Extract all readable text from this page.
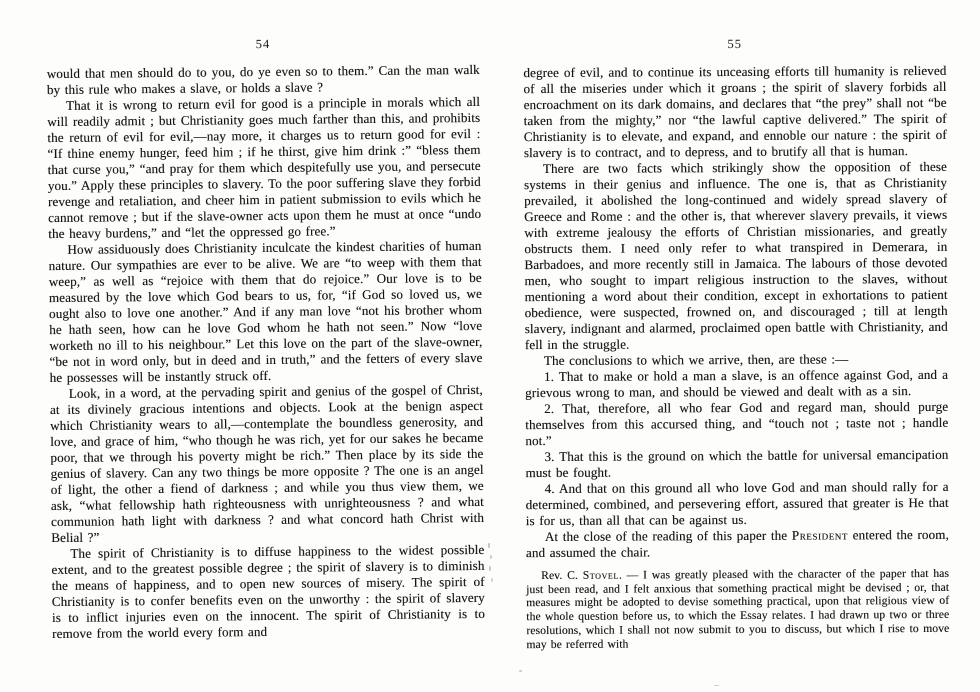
54

would that men should do to you, do ye even so to them.” Can the man walk by this rule who makes a slave, or holds a slave ?

That it is wrong to return evil for good is a principle in morals which all will readily admit ; but Christianity goes much farther than this, and prohibits the return of evil for evil,—nay more, it charges us to return good for evil : “If thine enemy hunger, feed him ; if he thirst, give him drink :” “bless them that curse you,” “and pray for them which despitefully use you, and persecute you.” Apply these principles to slavery. To the poor suffering slave they forbid revenge and retaliation, and cheer him in patient submission to evils which he cannot remove ; but if the slave-owner acts upon them he must at once “undo the heavy burdens,” and “let the oppressed go free.”

How assiduously does Christianity inculcate the kindest charities of human nature. Our sympathies are ever to be alive. We are “to weep with them that weep,” as well as “rejoice with them that do rejoice.” Our love is to be measured by the love which God bears to us, for, “if God so loved us, we ought also to love one another.” And if any man love “not his brother whom he hath seen, how can he love God whom he hath not seen.” Now “love worketh no ill to his neighbour.” Let this love on the part of the slave-owner, “be not in word only, but in deed and in truth,” and the fetters of every slave he possesses will be instantly struck off.

Look, in a word, at the pervading spirit and genius of the gospel of Christ, at its divinely gracious intentions and objects. Look at the benign aspect which Christianity wears to all,—contemplate the boundless generosity, and love, and grace of him, “who though he was rich, yet for our sakes he became poor, that we through his poverty might be rich.” Then place by its side the genius of slavery. Can any two things be more opposite ? The one is an angel of light, the other a fiend of darkness ; and while you thus view them, we ask, “what fellowship hath righteousness with unrighteousness ? and what communion hath light with darkness ? and what concord hath Christ with Belial ?”

The spirit of Christianity is to diffuse happiness to the widest possible extent, and to the greatest possible degree ; the spirit of slavery is to diminish the means of happiness, and to open new sources of misery. The spirit of Christianity is to confer benefits even on the unworthy : the spirit of slavery is to inflict injuries even on the innocent. The spirit of Christianity is to remove from the world every form and

55

degree of evil, and to continue its unceasing efforts till humanity is relieved of all the miseries under which it groans ; the spirit of slavery forbids all encroachment on its dark domains, and declares that “the prey” shall not “be taken from the mighty,” nor “the lawful captive delivered.” The spirit of Christianity is to elevate, and expand, and ennoble our nature : the spirit of slavery is to contract, and to depress, and to brutify all that is human.

There are two facts which strikingly show the opposition of these systems in their genius and influence. The one is, that as Christianity prevailed, it abolished the long-continued and widely spread slavery of Greece and Rome : and the other is, that wherever slavery prevails, it views with extreme jealousy the efforts of Christian missionaries, and greatly obstructs them. I need only refer to what transpired in Demerara, in Barbadoes, and more recently still in Jamaica. The labours of those devoted men, who sought to impart religious instruction to the slaves, without mentioning a word about their condition, except in exhortations to patient obedience, were suspected, frowned on, and discouraged ; till at length slavery, indignant and alarmed, proclaimed open battle with Christianity, and fell in the struggle.

The conclusions to which we arrive, then, are these :—

1. That to make or hold a man a slave, is an offence against God, and a grievous wrong to man, and should be viewed and dealt with as a sin.

2. That, therefore, all who fear God and regard man, should purge themselves from this accursed thing, and “touch not ; taste not ; handle not.”

3. That this is the ground on which the battle for universal emancipation must be fought.

4. And that on this ground all who love God and man should rally for a determined, combined, and persevering effort, assured that greater is He that is for us, than all that can be against us.

At the close of the reading of this paper the President entered the room, and assumed the chair.

Rev. C. Stovel. — I was greatly pleased with the character of the paper that has just been read, and I felt anxious that something practical might be devised ; or, that measures might be adopted to devise something practical, upon that religious view of the whole question before us, to which the Essay relates. I had drawn up two or three resolutions, which I shall not now submit to you to discuss, but which I rise to move may be referred with
